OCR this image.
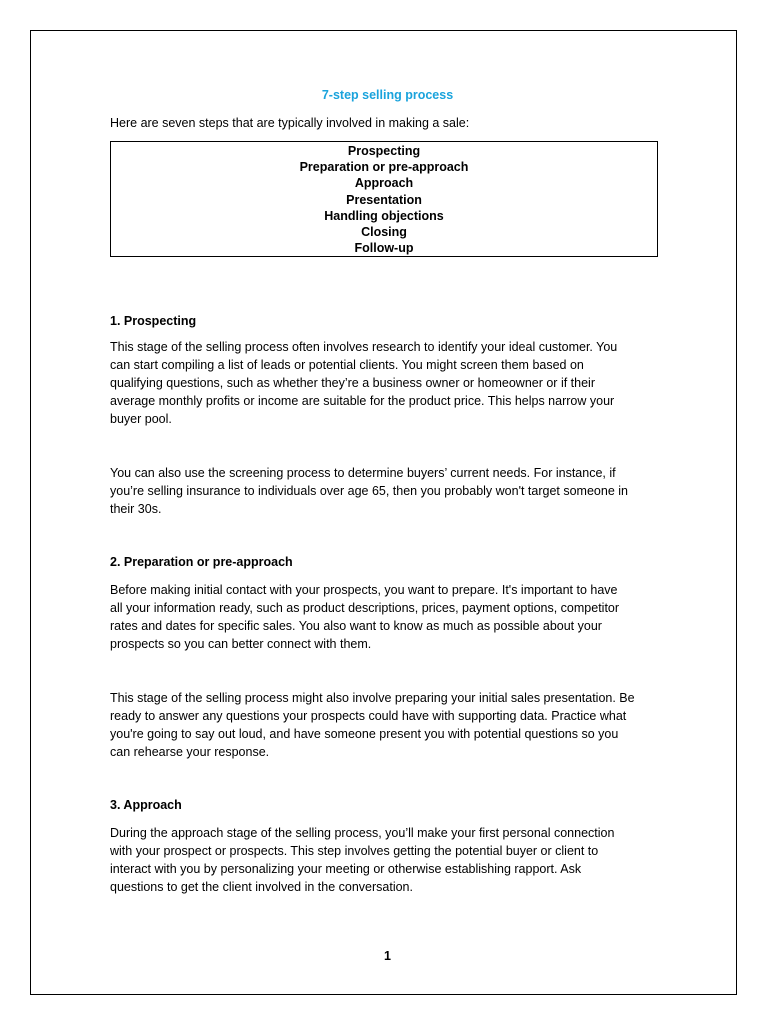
7-step selling process
Here are seven steps that are typically involved in making a sale:
Prospecting
Preparation or pre-approach
Approach
Presentation
Handling objections
Closing
Follow-up
1. Prospecting
This stage of the selling process often involves research to identify your ideal customer. You
can start compiling a list of leads or potential clients. You might screen them based on
qualifying questions, such as whether they’re a business owner or homeowner or if their
average monthly profits or income are suitable for the product price. This helps narrow your
buyer pool.
You can also use the screening process to determine buyers’ current needs. For instance, if
you’re selling insurance to individuals over age 65, then you probably won't target someone in
their 30s.
2. Preparation or pre-approach
Before making initial contact with your prospects, you want to prepare. It's important to have
all your information ready, such as product descriptions, prices, payment options, competitor
rates and dates for specific sales. You also want to know as much as possible about your
prospects so you can better connect with them.
This stage of the selling process might also involve preparing your initial sales presentation. Be
ready to answer any questions your prospects could have with supporting data. Practice what
you're going to say out loud, and have someone present you with potential questions so you
can rehearse your response.
3. Approach
During the approach stage of the selling process, you’ll make your first personal connection
with your prospect or prospects. This step involves getting the potential buyer or client to
interact with you by personalizing your meeting or otherwise establishing rapport. Ask
questions to get the client involved in the conversation.
1
